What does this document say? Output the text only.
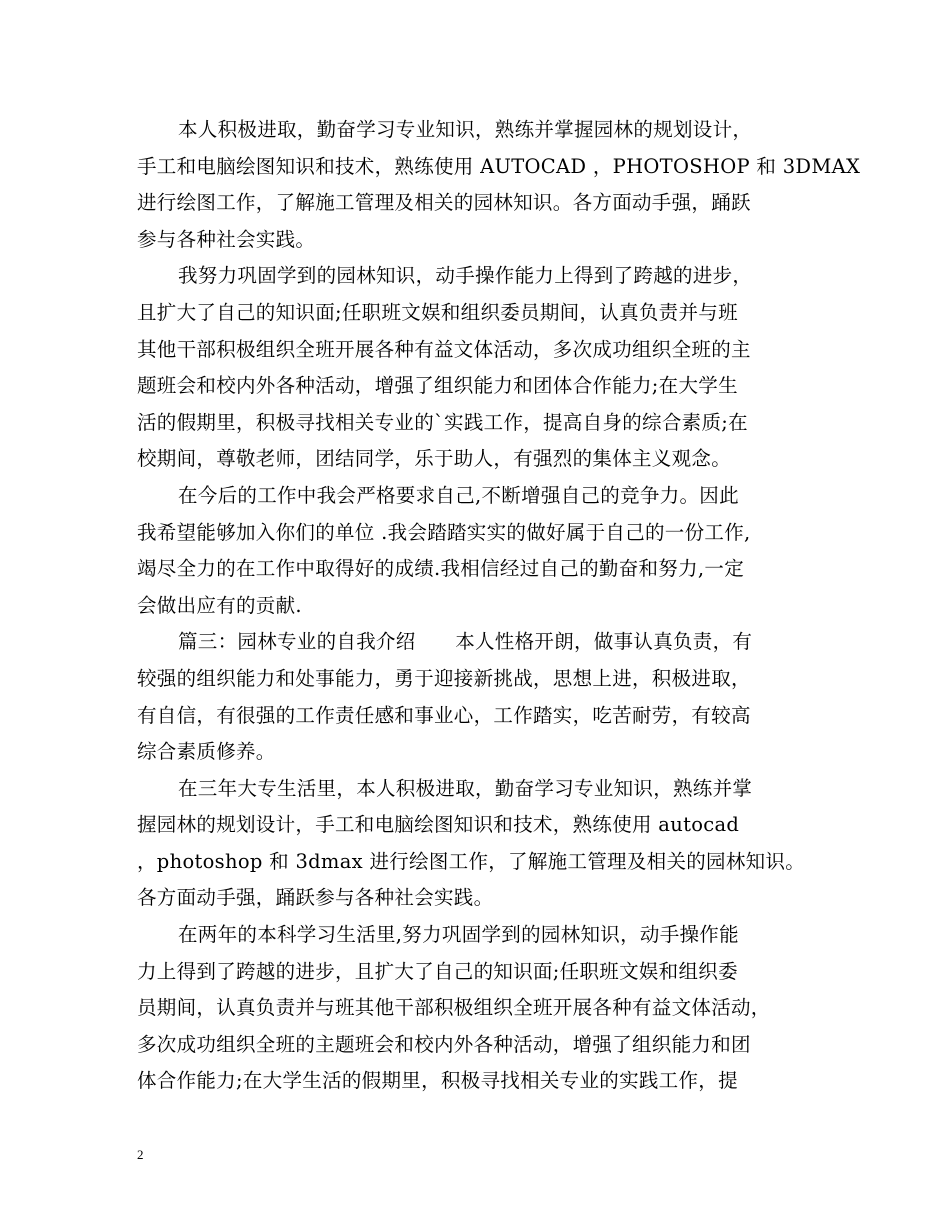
本人积极进取，勤奋学习专业知识，熟练并掌握园林的规划设计，
手工和电脑绘图知识和技术，熟练使用 AUTOCAD ，PHOTOSHOP 和 3DMAX
进行绘图工作，了解施工管理及相关的园林知识。各方面动手强，踊跃
参与各种社会实践。
我努力巩固学到的园林知识，动手操作能力上得到了跨越的进步，
且扩大了自己的知识面;任职班文娱和组织委员期间，认真负责并与班
其他干部积极组织全班开展各种有益文体活动，多次成功组织全班的主
题班会和校内外各种活动，增强了组织能力和团体合作能力;在大学生
活的假期里，积极寻找相关专业的`实践工作，提高自身的综合素质;在
校期间，尊敬老师，团结同学，乐于助人，有强烈的集体主义观念。
在今后的工作中我会严格要求自己,不断增强自己的竞争力。因此
我希望能够加入你们的单位 .我会踏踏实实的做好属于自己的一份工作,
竭尽全力的在工作中取得好的成绩.我相信经过自己的勤奋和努力,一定
会做出应有的贡献.
篇三：园林专业的自我介绍　　本人性格开朗，做事认真负责，有
较强的组织能力和处事能力，勇于迎接新挑战，思想上进，积极进取，
有自信，有很强的工作责任感和事业心，工作踏实，吃苦耐劳，有较高
综合素质修养。
在三年大专生活里，本人积极进取，勤奋学习专业知识，熟练并掌
握园林的规划设计，手工和电脑绘图知识和技术，熟练使用 autocad
，photoshop 和 3dmax 进行绘图工作，了解施工管理及相关的园林知识。
各方面动手强，踊跃参与各种社会实践。
在两年的本科学习生活里,努力巩固学到的园林知识，动手操作能
力上得到了跨越的进步，且扩大了自己的知识面;任职班文娱和组织委
员期间，认真负责并与班其他干部积极组织全班开展各种有益文体活动，
多次成功组织全班的主题班会和校内外各种活动，增强了组织能力和团
体合作能力;在大学生活的假期里，积极寻找相关专业的实践工作，提
2
